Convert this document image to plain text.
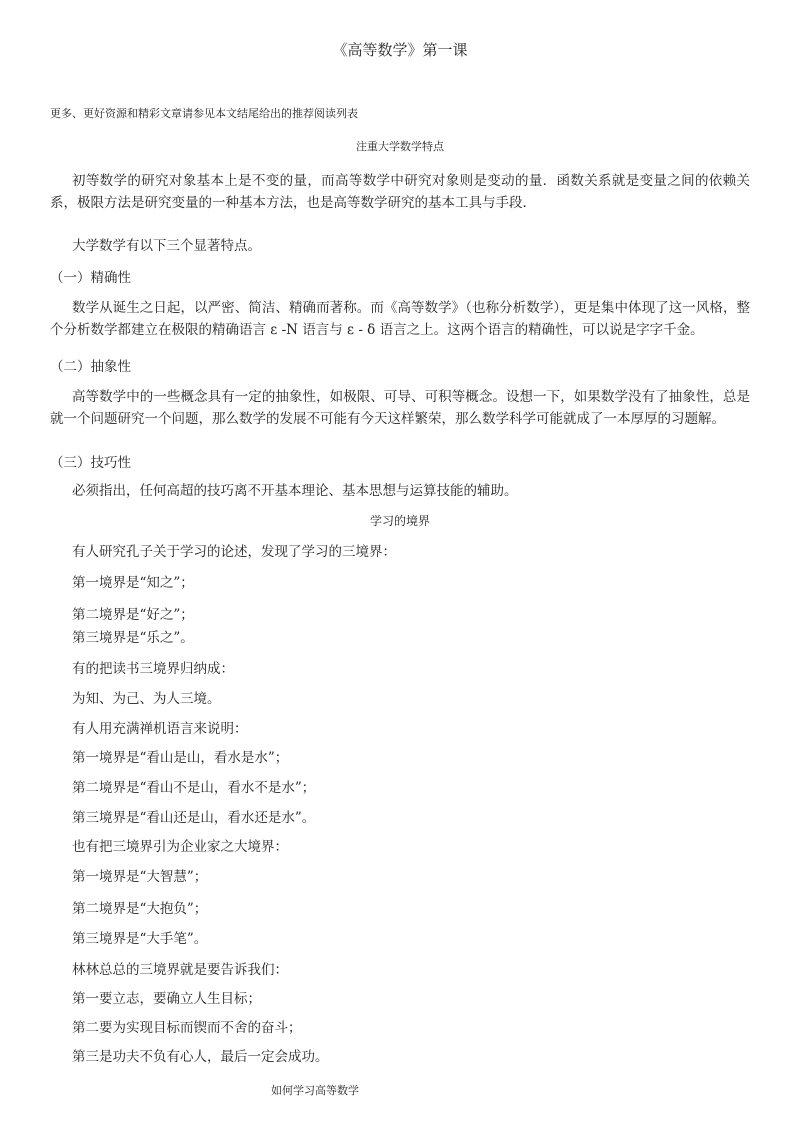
《高等数学》第一课
更多、更好资源和精彩文章请参见本文结尾给出的推荐阅读列表
注重大学数学特点
初等数学的研究对象基本上是不变的量，而高等数学中研究对象则是变动的量．函数关系就是变量之间的依赖关系，极限方法是研究变量的一种基本方法，也是高等数学研究的基本工具与手段．
大学数学有以下三个显著特点。
（一）精确性
数学从诞生之日起，以严密、简洁、精确而著称。而《高等数学》（也称分析数学），更是集中体现了这一风格，整个分析数学都建立在极限的精确语言 ε -N 语言与 ε - δ 语言之上。这两个语言的精确性，可以说是字字千金。
（二）抽象性
高等数学中的一些概念具有一定的抽象性，如极限、可导、可积等概念。设想一下，如果数学没有了抽象性，总是就一个问题研究一个问题，那么数学的发展不可能有今天这样繁荣，那么数学科学可能就成了一本厚厚的习题解。
（三）技巧性
必须指出，任何高超的技巧离不开基本理论、基本思想与运算技能的辅助。
学习的境界
有人研究孔子关于学习的论述，发现了学习的三境界：
第一境界是“知之”；
第二境界是“好之”；
第三境界是“乐之”。
有的把读书三境界归纳成：
为知、为己、为人三境。
有人用充满禅机语言来说明：
第一境界是“看山是山，看水是水”；
第二境界是“看山不是山，看水不是水”；
第三境界是“看山还是山，看水还是水”。
也有把三境界引为企业家之大境界：
第一境界是“大智慧”；
第二境界是“大抱负”；
第三境界是“大手笔”。
林林总总的三境界就是要告诉我们：
第一要立志，要确立人生目标；
第二要为实现目标而锲而不舍的奋斗；
第三是功夫不负有心人，最后一定会成功。
如何学习高等数学
